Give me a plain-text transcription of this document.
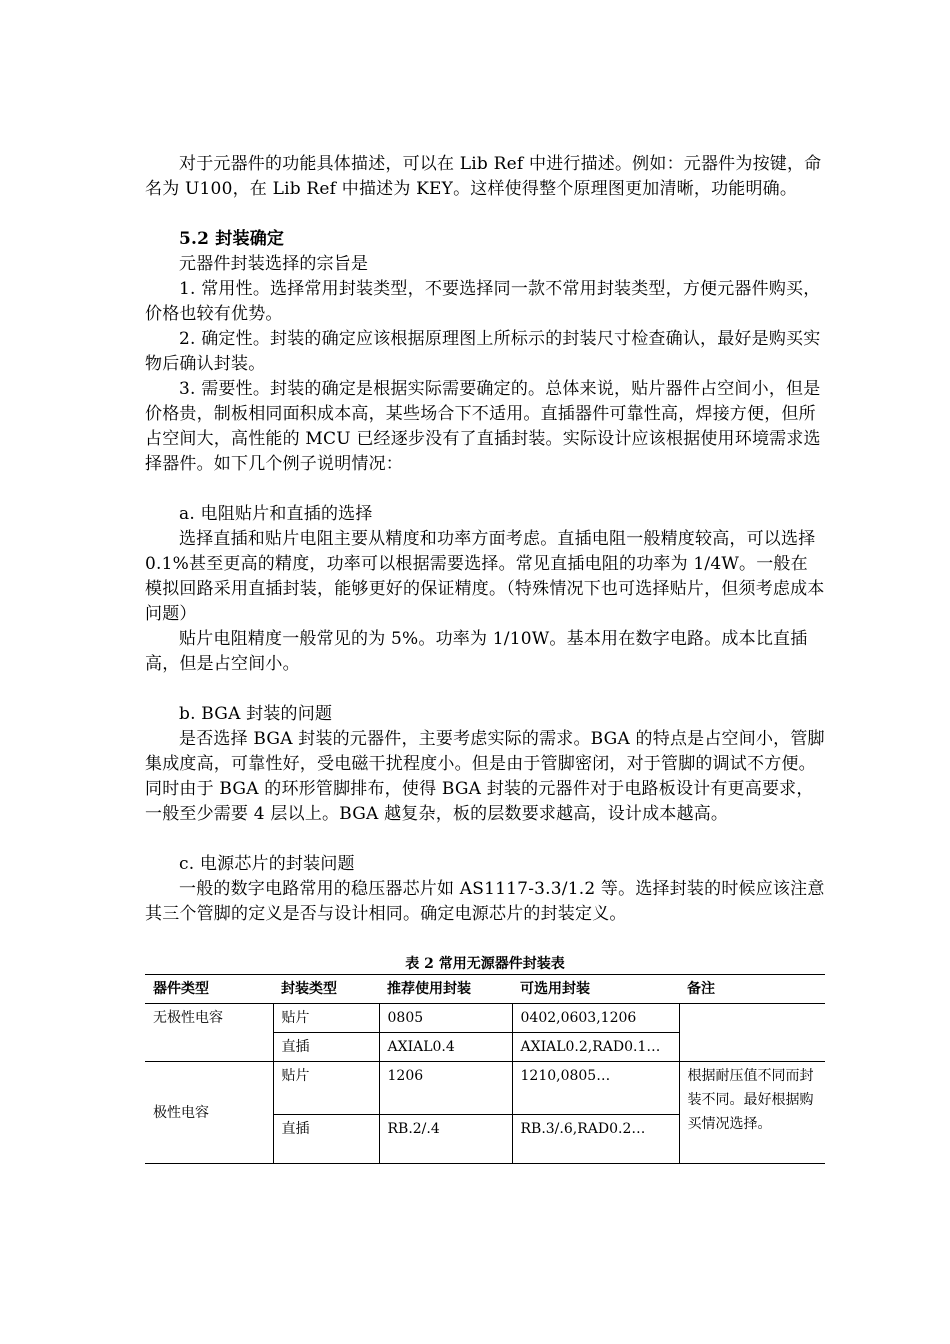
对于元器件的功能具体描述，可以在 Lib Ref 中进行描述。例如：元器件为按键，命名为 U100，在 Lib Ref 中描述为 KEY。这样使得整个原理图更加清晰，功能明确。

5.2 封装确定

元器件封装选择的宗旨是

1. 常用性。选择常用封装类型，不要选择同一款不常用封装类型，方便元器件购买，价格也较有优势。

2. 确定性。封装的确定应该根据原理图上所标示的封装尺寸检查确认，最好是购买实物后确认封装。

3. 需要性。封装的确定是根据实际需要确定的。总体来说，贴片器件占空间小，但是价格贵，制板相同面积成本高，某些场合下不适用。直插器件可靠性高，焊接方便，但所占空间大，高性能的 MCU 已经逐步没有了直插封装。实际设计应该根据使用环境需求选择器件。如下几个例子说明情况：

a. 电阻贴片和直插的选择

选择直插和贴片电阻主要从精度和功率方面考虑。直插电阻一般精度较高，可以选择 0.1%甚至更高的精度，功率可以根据需要选择。常见直插电阻的功率为 1/4W。一般在模拟回路采用直插封装，能够更好的保证精度。（特殊情况下也可选择贴片，但须考虑成本问题）

贴片电阻精度一般常见的为 5%。功率为 1/10W。基本用在数字电路。成本比直插高，但是占空间小。

b. BGA 封装的问题

是否选择 BGA 封装的元器件，主要考虑实际的需求。BGA 的特点是占空间小，管脚集成度高，可靠性好，受电磁干扰程度小。但是由于管脚密闭，对于管脚的调试不方便。同时由于 BGA 的环形管脚排布，使得 BGA 封装的元器件对于电路板设计有更高要求，一般至少需要 4 层以上。BGA 越复杂，板的层数要求越高，设计成本越高。

c. 电源芯片的封装问题

一般的数字电路常用的稳压器芯片如 AS1117-3.3/1.2 等。选择封装的时候应该注意其三个管脚的定义是否与设计相同。确定电源芯片的封装定义。

表 2 常用无源器件封装表
器件类型	封装类型	推荐使用封装	可选用封装	备注
无极性电容	贴片	0805	0402,0603,1206	
	直插	AXIAL0.4	AXIAL0.2,RAD0.1…	
极性电容	贴片	1206	1210,0805…	根据耐压值不同而封装不同。最好根据购买情况选择。
	直插	RB.2/.4	RB.3/.6,RAD0.2…	
